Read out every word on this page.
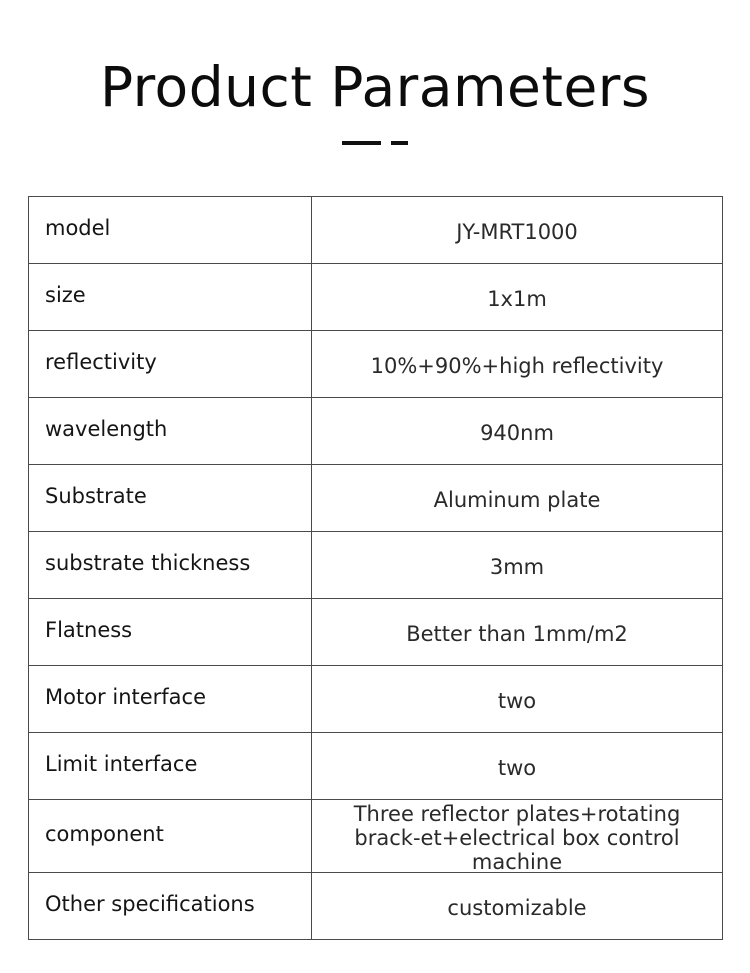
Product Parameters
model	JY-MRT1000
size	1x1m
reflectivity	10%+90%+high reflectivity
wavelength	940nm
Substrate	Aluminum plate
substrate thickness	3mm
Flatness	Better than 1mm/m2
Motor interface	two
Limit interface	two
component	Three reflector plates+rotating brack-et+electrical box control machine
Other specifications	customizable
